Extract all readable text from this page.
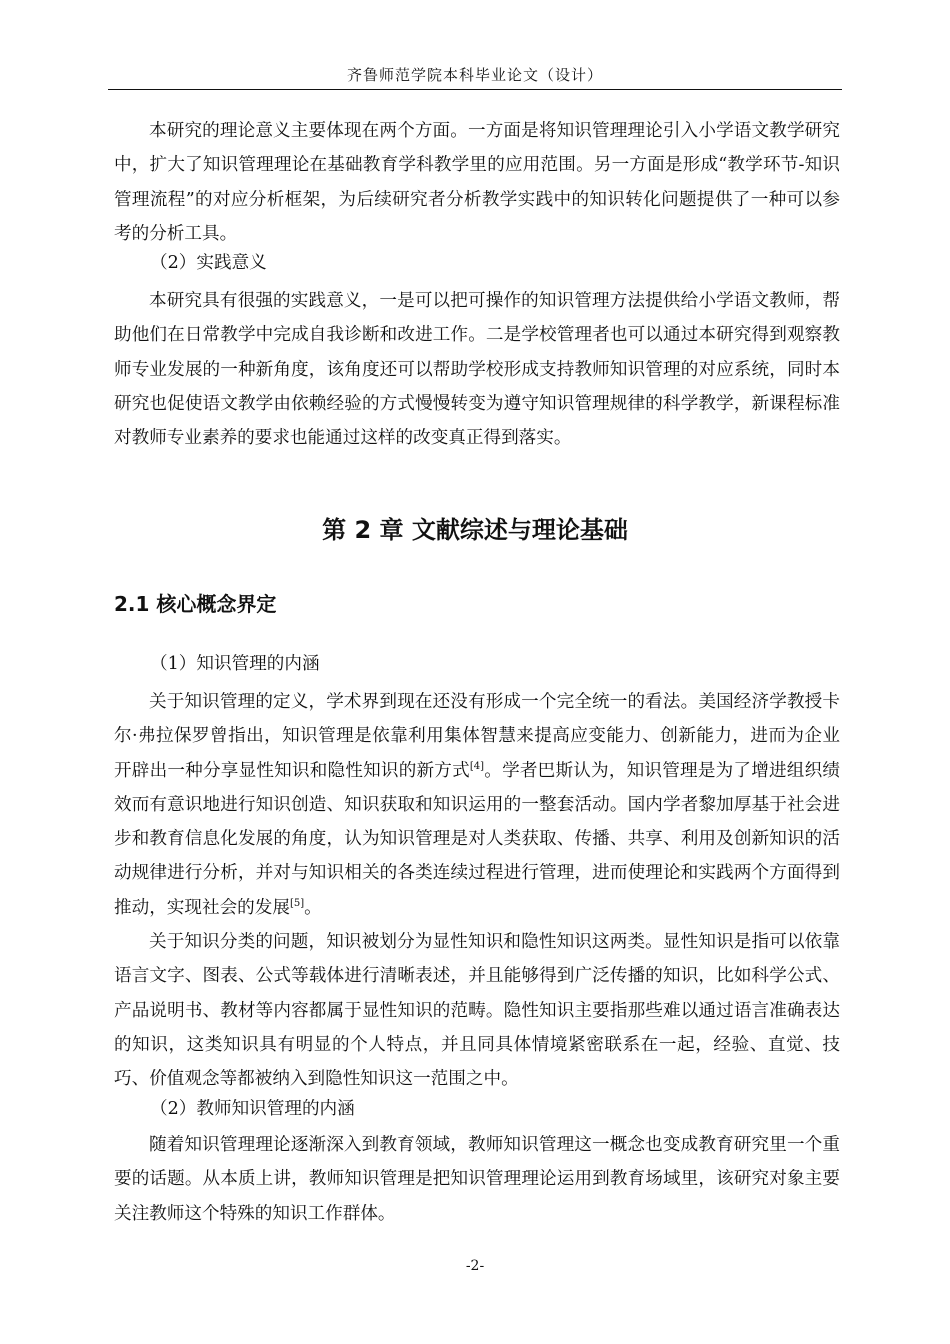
齐鲁师范学院本科毕业论文（设计）

本研究的理论意义主要体现在两个方面。一方面是将知识管理理论引入小学语文教学研究中，扩大了知识管理理论在基础教育学科教学里的应用范围。另一方面是形成“教学环节-知识管理流程”的对应分析框架，为后续研究者分析教学实践中的知识转化问题提供了一种可以参考的分析工具。

（2）实践意义

本研究具有很强的实践意义，一是可以把可操作的知识管理方法提供给小学语文教师，帮助他们在日常教学中完成自我诊断和改进工作。二是学校管理者也可以通过本研究得到观察教师专业发展的一种新角度，该角度还可以帮助学校形成支持教师知识管理的对应系统，同时本研究也促使语文教学由依赖经验的方式慢慢转变为遵守知识管理规律的科学教学，新课程标准对教师专业素养的要求也能通过这样的改变真正得到落实。

第 2 章 文献综述与理论基础
2.1 核心概念界定

（1）知识管理的内涵

关于知识管理的定义，学术界到现在还没有形成一个完全统一的看法。美国经济学教授卡尔·弗拉保罗曾指出，知识管理是依靠利用集体智慧来提高应变能力、创新能力，进而为企业开辟出一种分享显性知识和隐性知识的新方式[4]。学者巴斯认为，知识管理是为了增进组织绩效而有意识地进行知识创造、知识获取和知识运用的一整套活动。国内学者黎加厚基于社会进步和教育信息化发展的角度，认为知识管理是对人类获取、传播、共享、利用及创新知识的活动规律进行分析，并对与知识相关的各类连续过程进行管理，进而使理论和实践两个方面得到推动，实现社会的发展[5]。

关于知识分类的问题，知识被划分为显性知识和隐性知识这两类。显性知识是指可以依靠语言文字、图表、公式等载体进行清晰表述，并且能够得到广泛传播的知识，比如科学公式、产品说明书、教材等内容都属于显性知识的范畴。隐性知识主要指那些难以通过语言准确表达的知识，这类知识具有明显的个人特点，并且同具体情境紧密联系在一起，经验、直觉、技巧、价值观念等都被纳入到隐性知识这一范围之中。

（2）教师知识管理的内涵

随着知识管理理论逐渐深入到教育领域，教师知识管理这一概念也变成教育研究里一个重要的话题。从本质上讲，教师知识管理是把知识管理理论运用到教育场域里，该研究对象主要关注教师这个特殊的知识工作群体。

-2-
